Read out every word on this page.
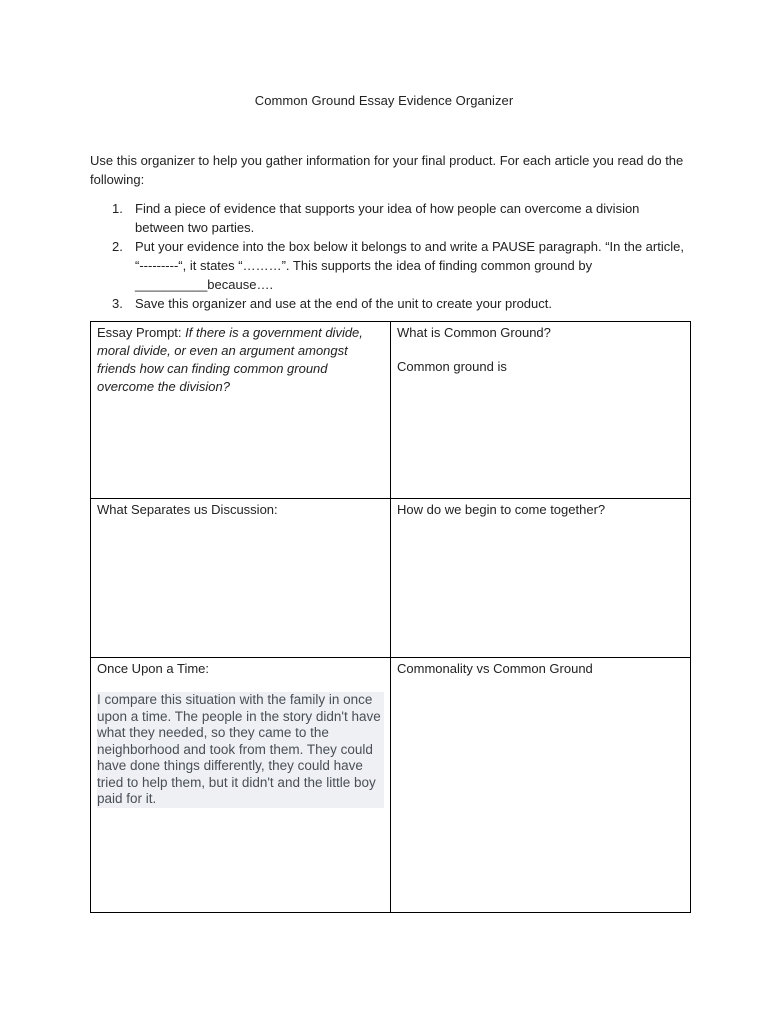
Common Ground Essay Evidence Organizer
Use this organizer to help you gather information for your final product. For each article you read do the following:
1. Find a piece of evidence that supports your idea of how people can overcome a division between two parties.
2. Put your evidence into the box below it belongs to and write a PAUSE paragraph. “In the article, “---------“, it states “………”. This supports the idea of finding common ground by __________because….
3. Save this organizer and use at the end of the unit to create your product.
Essay Prompt: If there is a government divide, moral divide, or even an argument amongst friends how can finding common ground overcome the division?	What is Common Ground?
Common ground is

What Separates us Discussion:	How do we begin to come together?

Once Upon a Time:
I compare this situation with the family in once upon a time. The people in the story didn't have what they needed, so they came to the neighborhood and took from them. They could have done things differently, they could have tried to help them, but it didn't and the little boy paid for it.	Commonality vs Common Ground
